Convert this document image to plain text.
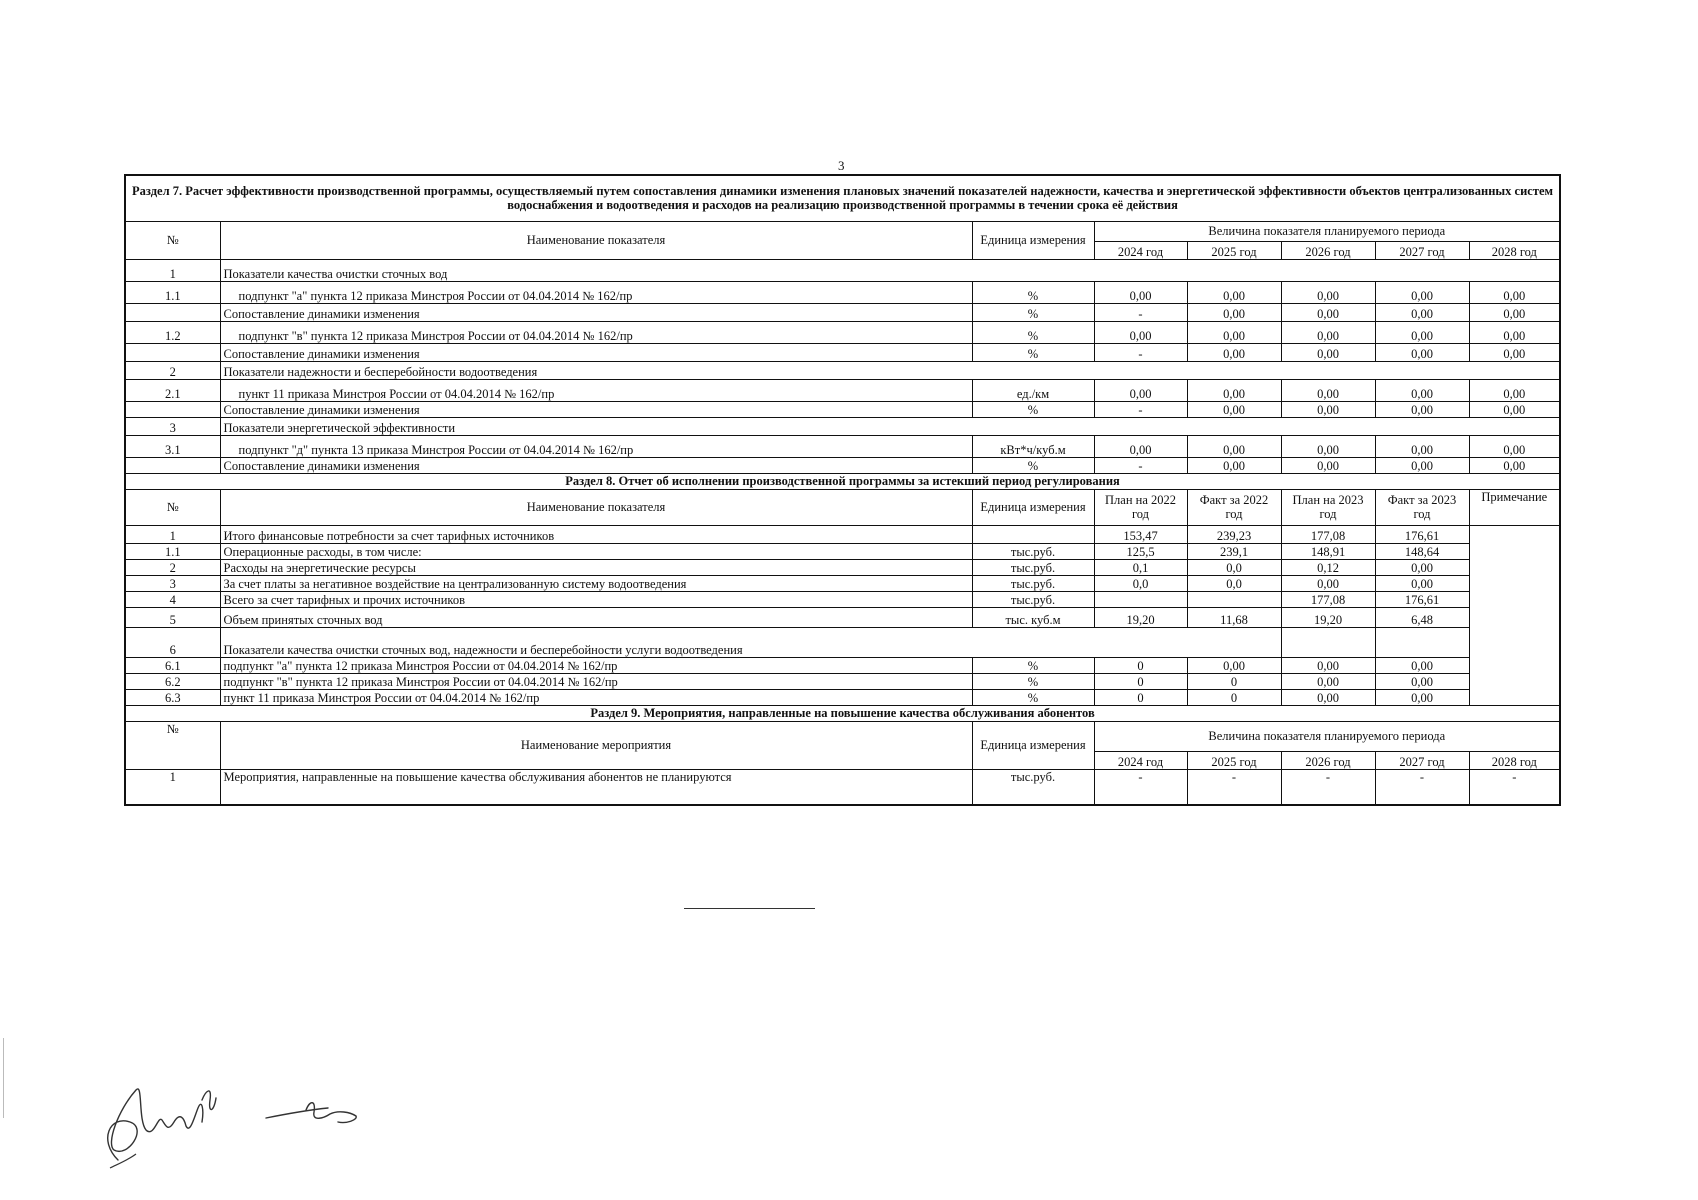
3
Раздел 7. Расчет эффективности производственной программы, осуществляемый путем сопоставления динамики изменения плановых значений показателей надежности, качества и энергетической эффективности объектов централизованных систем водоснабжения и водоотведения и расходов на реализацию производственной программы в течении срока её действия							
№	Наименование показателя	Единица измерения	Величина показателя планируемого периода				
			2024 год	2025 год	2026 год	2027 год	2028 год
1	Показатели качества очистки сточных вод						
1.1	подпункт "а" пункта 12 приказа Минстроя России от 04.04.2014 № 162/пр	%	0,00	0,00	0,00	0,00	0,00
	Сопоставление динамики изменения	%	-	0,00	0,00	0,00	0,00
1.2	подпункт "в" пункта 12 приказа Минстроя России от 04.04.2014 № 162/пр	%	0,00	0,00	0,00	0,00	0,00
	Сопоставление динамики изменения	%	-	0,00	0,00	0,00	0,00
2	Показатели надежности и бесперебойности водоотведения						
2.1	пункт 11 приказа Минстроя России от 04.04.2014 № 162/пр	ед./км	0,00	0,00	0,00	0,00	0,00
	Сопоставление динамики изменения	%	-	0,00	0,00	0,00	0,00
3	Показатели энергетической эффективности						
3.1	подпункт "д" пункта 13 приказа Минстроя России от 04.04.2014 № 162/пр	кВт*ч/куб.м	0,00	0,00	0,00	0,00	0,00
	Сопоставление динамики изменения	%	-	0,00	0,00	0,00	0,00
Раздел 8. Отчет об исполнении производственной программы за истекший период регулирования							
№	Наименование показателя	Единица измерения	План на 2022 год	Факт за 2022 год	План на 2023 год	Факт за 2023 год	Примечание
1	Итого финансовые потребности за счет тарифных источников		153,47	239,23	177,08	176,61	
1.1	Операционные расходы, в том числе:	тыс.руб.	125,5	239,1	148,91	148,64	
2	Расходы на энергетические ресурсы	тыс.руб.	0,1	0,0	0,12	0,00	
3	За счет платы за негативное воздействие на централизованную систему водоотведения	тыс.руб.	0,0	0,0	0,00	0,00	
4	Всего за счет тарифных и прочих источников	тыс.руб.			177,08	176,61	
5	Объем принятых сточных вод	тыс. куб.м	19,20	11,68	19,20	6,48	
6	Показатели качества очистки сточных вод, надежности и бесперебойности услуги водоотведения						
6.1	подпункт "а" пункта 12 приказа Минстроя России от 04.04.2014 № 162/пр	%	0	0,00	0,00	0,00	
6.2	подпункт "в" пункта 12 приказа Минстроя России от 04.04.2014 № 162/пр	%	0	0	0,00	0,00	
6.3	пункт 11 приказа Минстроя России от 04.04.2014 № 162/пр	%	0	0	0,00	0,00	
Раздел 9. Мероприятия, направленные на повышение качества обслуживания абонентов							
№	Наименование мероприятия	Единица измерения	Величина показателя планируемого периода				
			2024 год	2025 год	2026 год	2027 год	2028 год
1	Мероприятия, направленные на повышение качества обслуживания абонентов не планируются	тыс.руб.	-	-	-	-	-
